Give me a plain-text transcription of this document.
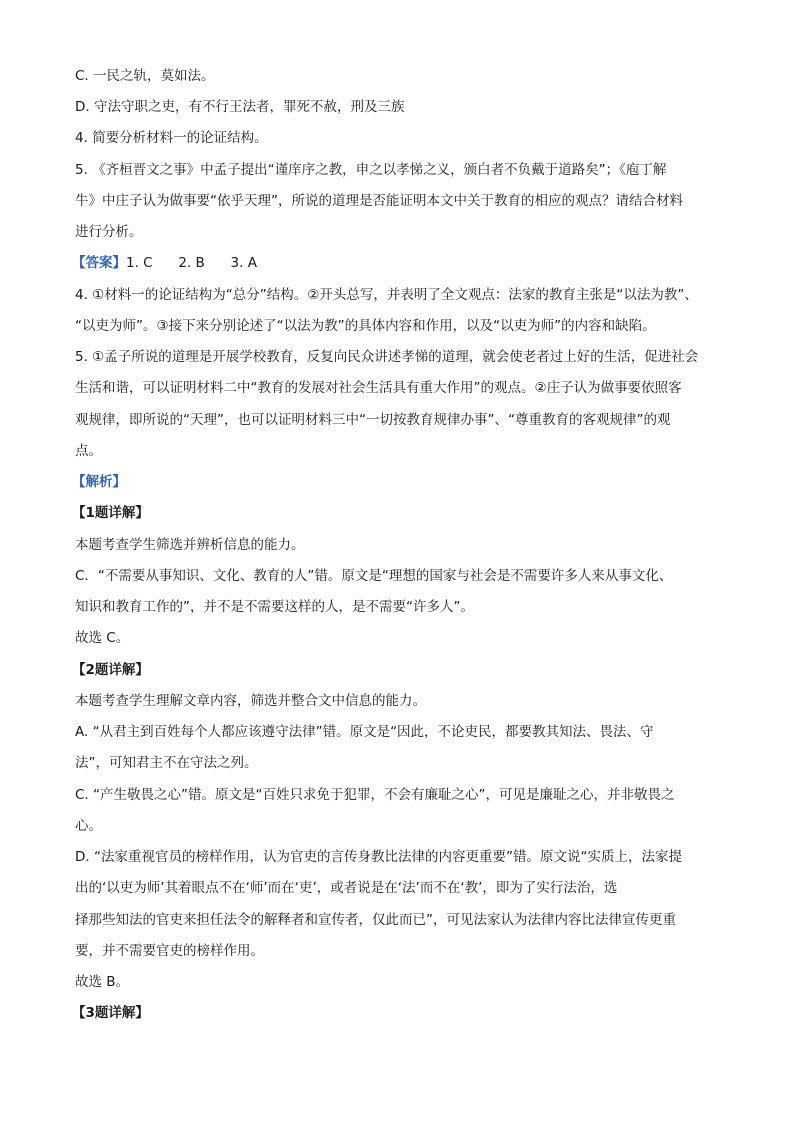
C. 一民之轨，莫如法。
D. 守法守职之吏，有不行王法者，罪死不赦，刑及三族
4. 简要分析材料一的论证结构。
5. 《齐桓晋文之事》中孟子提出“谨庠序之教，申之以孝悌之义，颁白者不负戴于道路矣”；《庖丁解
牛》中庄子认为做事要“依乎天理”，所说的道理是否能证明本文中关于教育的相应的观点？请结合材料
进行分析。
【答案】1. C      2. B      3. A
4. ①材料一的论证结构为“总分”结构。②开头总写，并表明了全文观点：法家的教育主张是“以法为教”、
“以吏为师”。③接下来分别论述了“以法为教”的具体内容和作用，以及“以吏为师”的内容和缺陷。
5. ①孟子所说的道理是开展学校教育，反复向民众讲述孝悌的道理，就会使老者过上好的生活，促进社会
生活和谐，可以证明材料二中“教育的发展对社会生活具有重大作用”的观点。②庄子认为做事要依照客
观规律，即所说的“天理”，也可以证明材料三中“一切按教育规律办事”、“尊重教育的客观规律”的观
点。
【解析】
【1题详解】
本题考查学生筛选并辨析信息的能力。
C．“不需要从事知识、文化、教育的人”错。原文是“理想的国家与社会是不需要许多人来从事文化、
知识和教育工作的”，并不是不需要这样的人，是不需要“许多人”。
故选 C。
【2题详解】
本题考查学生理解文章内容，筛选并整合文中信息的能力。
A. “从君主到百姓每个人都应该遵守法律”错。原文是“因此，不论吏民，都要教其知法、畏法、守
法”，可知君主不在守法之列。
C. “产生敬畏之心”错。原文是“百姓只求免于犯罪，不会有廉耻之心”，可见是廉耻之心，并非敬畏之
心。
D. “法家重视官员的榜样作用，认为官吏的言传身教比法律的内容更重要”错。原文说“实质上，法家提
出的‘以吏为师’其着眼点不在‘师’而在‘吏’，或者说是在‘法’而不在‘教’，即为了实行法治，选
择那些知法的官吏来担任法令的解释者和宣传者，仅此而已”，可见法家认为法律内容比法律宣传更重
要，并不需要官吏的榜样作用。
故选 B。
【3题详解】
